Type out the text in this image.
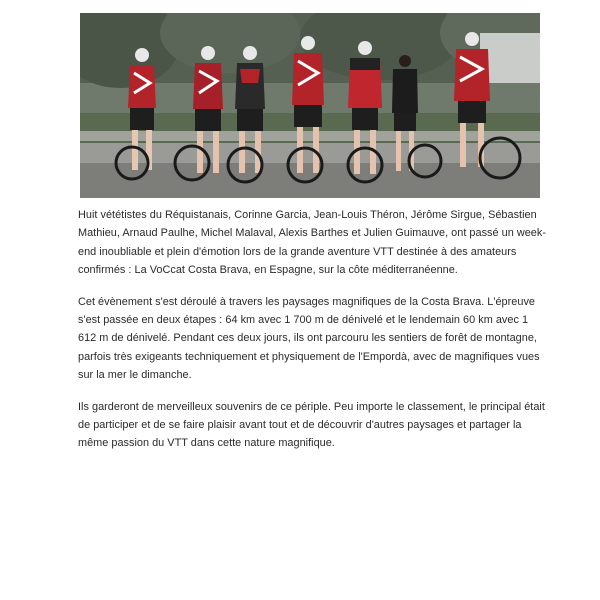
Huit vététistes du Réquistanais, Corinne Garcia, Jean-Louis Théron, Jérôme Sirgue, Sébastien Mathieu, Arnaud Paulhe, Michel Malaval, Alexis Barthes et Julien Guimauve, ont passé un week-end inoubliable et plein d'émotion lors de la grande aventure VTT destinée à des amateurs confirmés : La VoCcat Costa Brava, en Espagne, sur la côte méditerranéenne.

Cet évènement s'est déroulé à travers les paysages magnifiques de la Costa Brava. L'épreuve s'est passée en deux étapes : 64 km avec 1 700 m de dénivelé et le lendemain 60 km avec 1 612 m de dénivelé. Pendant ces deux jours, ils ont parcouru les sentiers de forêt de montagne, parfois très exigeants techniquement et physiquement de l'Empordà, avec de magnifiques vues sur la mer le dimanche.

Ils garderont de merveilleux souvenirs de ce périple. Peu importe le classement, le principal était de participer et de se faire plaisir avant tout et de découvrir d'autres paysages et partager la même passion du VTT dans cette nature magnifique.
